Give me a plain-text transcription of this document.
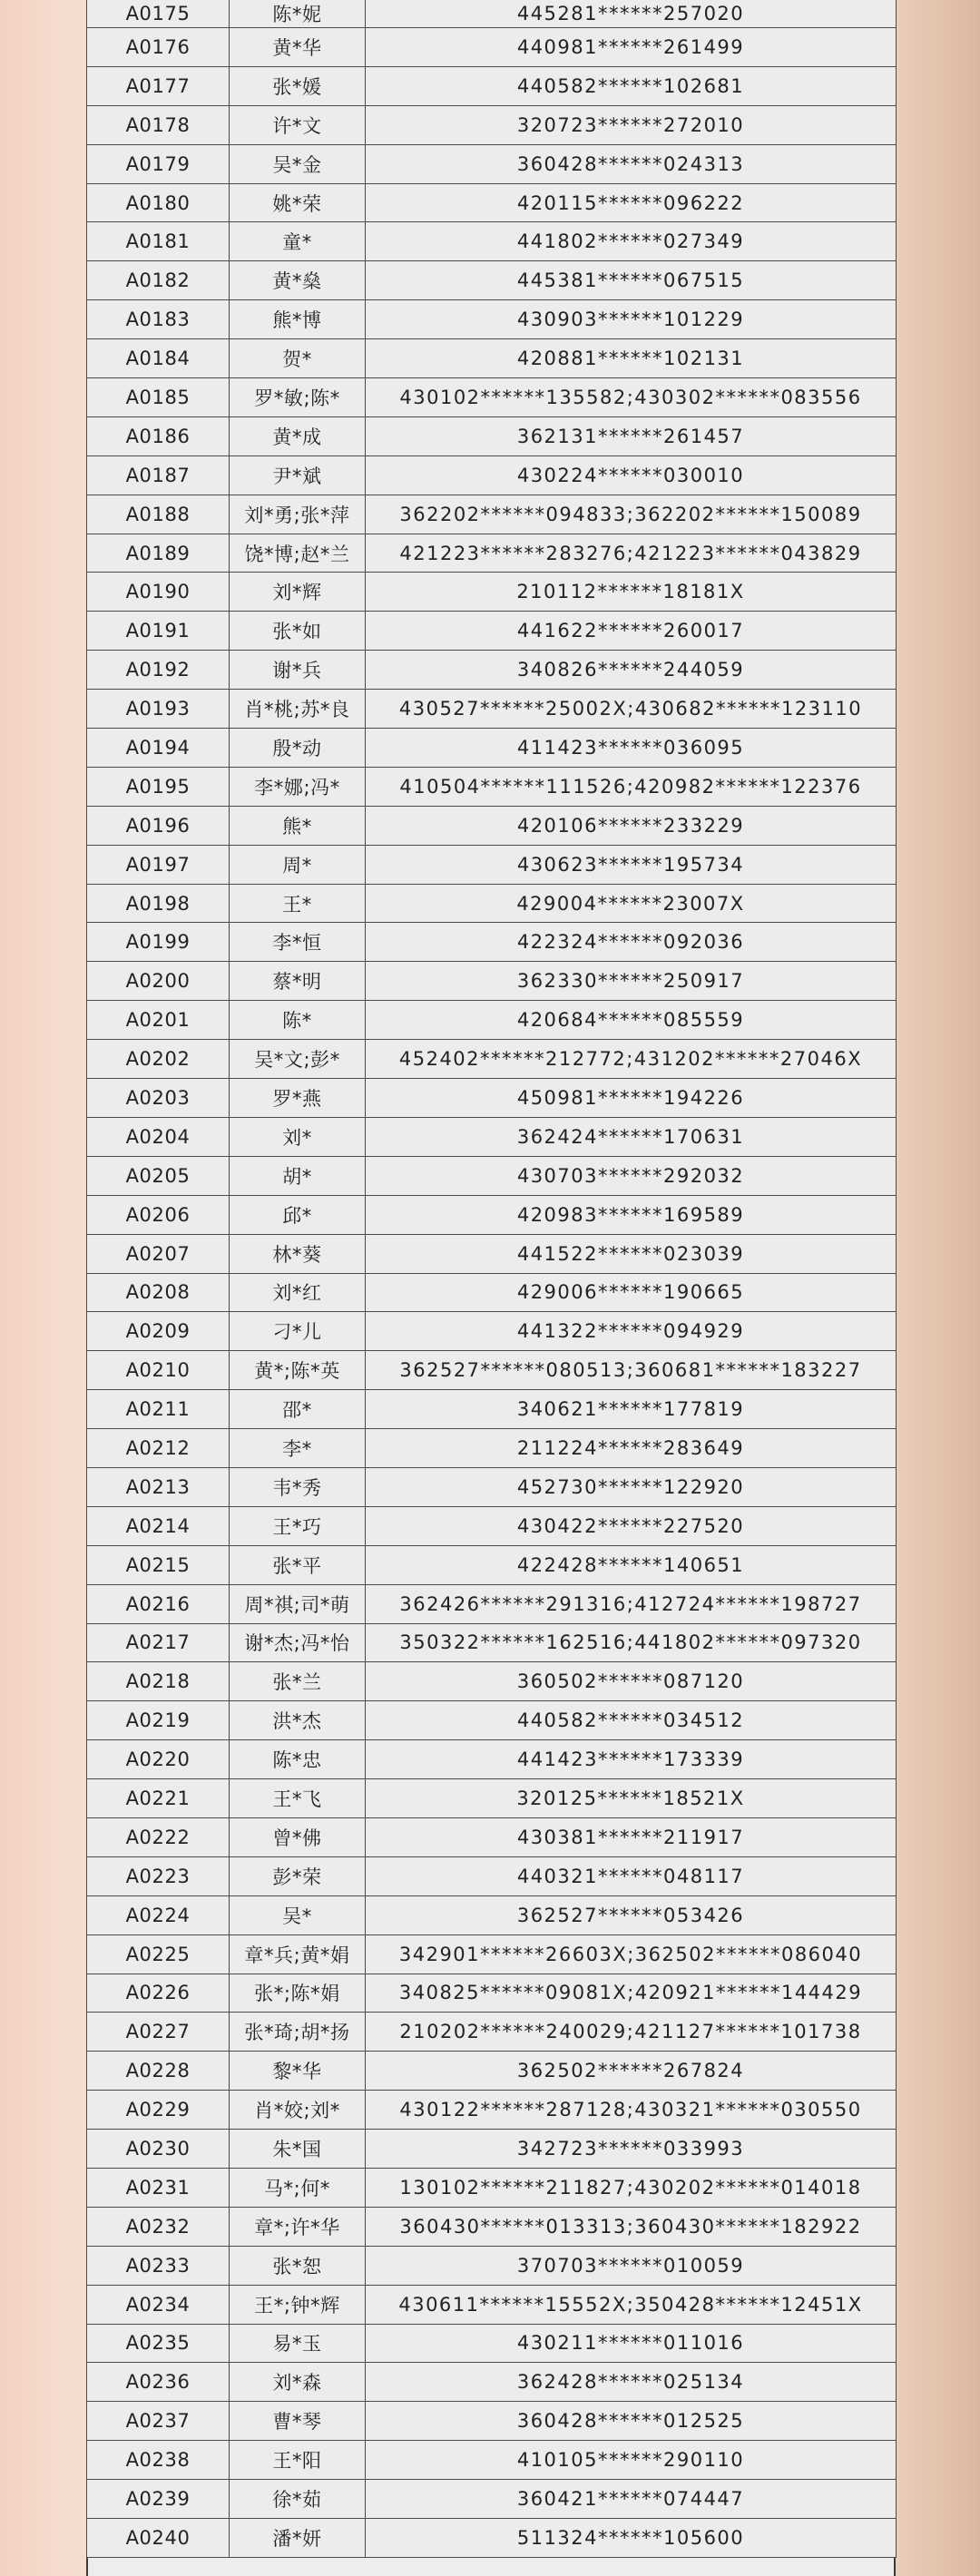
A0175	陈*妮	445281******257020
A0176	黄*华	440981******261499
A0177	张*媛	440582******102681
A0178	许*文	320723******272010
A0179	吴*金	360428******024313
A0180	姚*荣	420115******096222
A0181	童*	441802******027349
A0182	黄*燊	445381******067515
A0183	熊*博	430903******101229
A0184	贺*	420881******102131
A0185	罗*敏;陈*	430102******135582;430302******083556
A0186	黄*成	362131******261457
A0187	尹*斌	430224******030010
A0188	刘*勇;张*萍	362202******094833;362202******150089
A0189	饶*博;赵*兰	421223******283276;421223******043829
A0190	刘*辉	210112******18181X
A0191	张*如	441622******260017
A0192	谢*兵	340826******244059
A0193	肖*桃;苏*良	430527******25002X;430682******123110
A0194	殷*动	411423******036095
A0195	李*娜;冯*	410504******111526;420982******122376
A0196	熊*	420106******233229
A0197	周*	430623******195734
A0198	王*	429004******23007X
A0199	李*恒	422324******092036
A0200	蔡*明	362330******250917
A0201	陈*	420684******085559
A0202	吴*文;彭*	452402******212772;431202******27046X
A0203	罗*燕	450981******194226
A0204	刘*	362424******170631
A0205	胡*	430703******292032
A0206	邱*	420983******169589
A0207	林*葵	441522******023039
A0208	刘*红	429006******190665
A0209	刁*儿	441322******094929
A0210	黄*;陈*英	362527******080513;360681******183227
A0211	邵*	340621******177819
A0212	李*	211224******283649
A0213	韦*秀	452730******122920
A0214	王*巧	430422******227520
A0215	张*平	422428******140651
A0216	周*祺;司*萌	362426******291316;412724******198727
A0217	谢*杰;冯*怡	350322******162516;441802******097320
A0218	张*兰	360502******087120
A0219	洪*杰	440582******034512
A0220	陈*忠	441423******173339
A0221	王*飞	320125******18521X
A0222	曾*佛	430381******211917
A0223	彭*荣	440321******048117
A0224	吴*	362527******053426
A0225	章*兵;黄*娟	342901******26603X;362502******086040
A0226	张*;陈*娟	340825******09081X;420921******144429
A0227	张*琦;胡*扬	210202******240029;421127******101738
A0228	黎*华	362502******267824
A0229	肖*姣;刘*	430122******287128;430321******030550
A0230	朱*国	342723******033993
A0231	马*;何*	130102******211827;430202******014018
A0232	章*;许*华	360430******013313;360430******182922
A0233	张*恕	370703******010059
A0234	王*;钟*辉	430611******15552X;350428******12451X
A0235	易*玉	430211******011016
A0236	刘*森	362428******025134
A0237	曹*琴	360428******012525
A0238	王*阳	410105******290110
A0239	徐*茹	360421******074447
A0240	潘*妍	511324******105600
